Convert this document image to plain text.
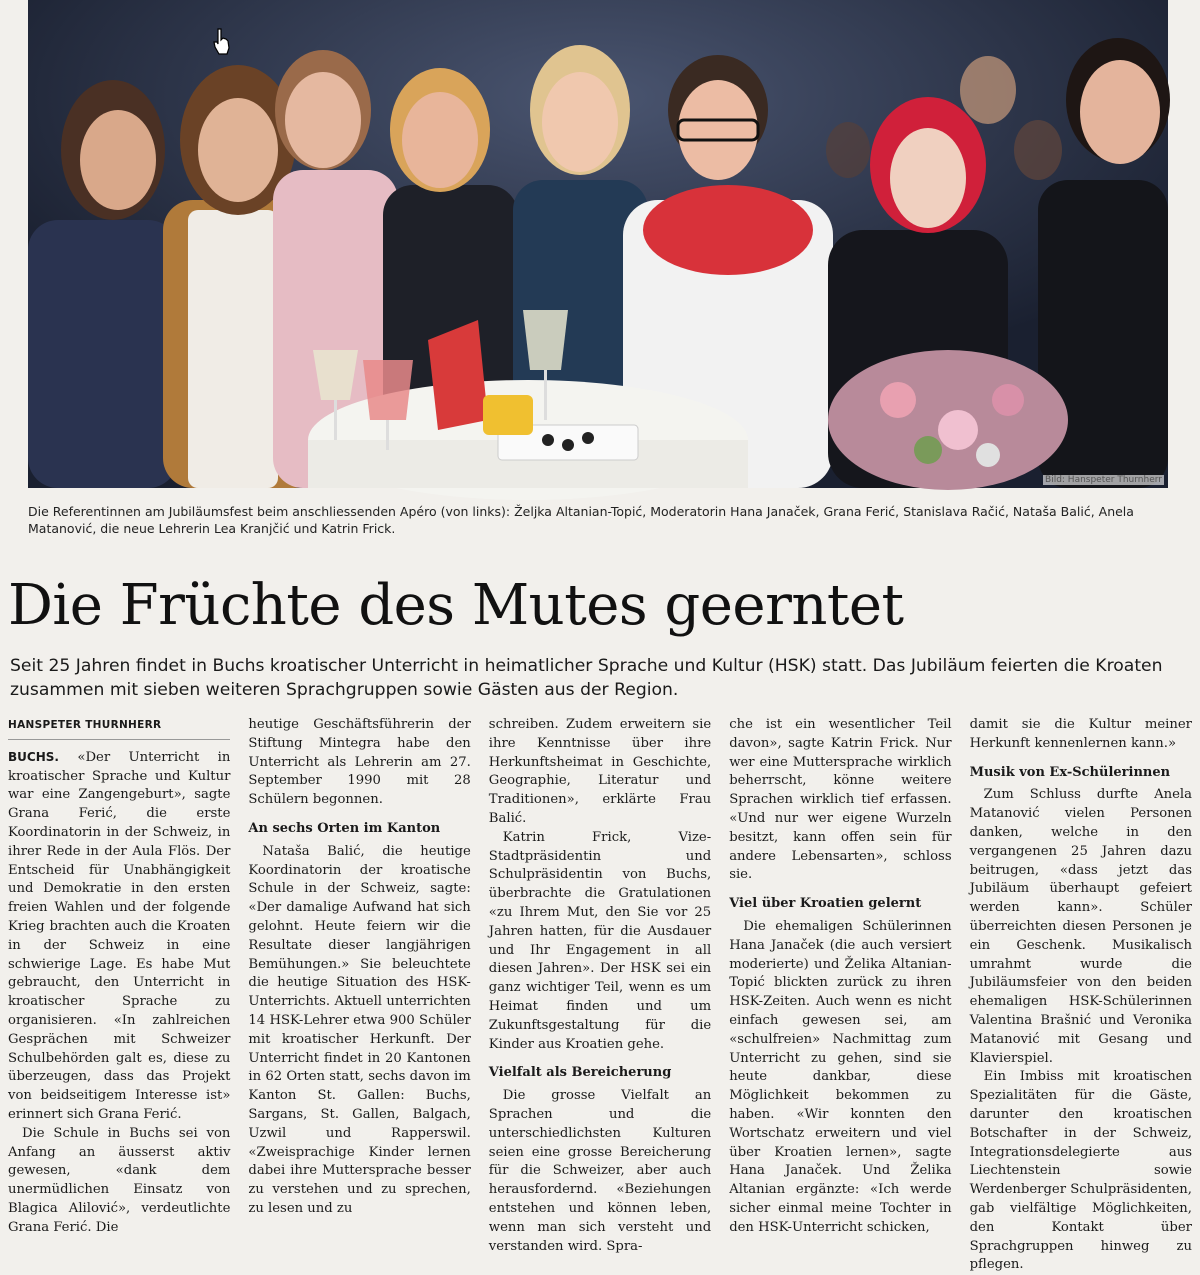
Bild: Hanspeter Thurnherr
Die Referentinnen am Jubiläumsfest beim anschliessenden Apéro (von links): Željka Altanian-Topić, Moderatorin Hana Janaček, Grana Ferić, Stanislava Račić, Nataša Balić, Anela Matanović, die neue Lehrerin Lea Kranjčić und Katrin Frick.
Die Früchte des Mutes geerntet
Seit 25 Jahren findet in Buchs kroatischer Unterricht in heimatlicher Sprache und Kultur (HSK) statt. Das Jubiläum feierten die Kroaten zusammen mit sieben weiteren Sprachgruppen sowie Gästen aus der Region.
HANSPETER THURNHERR

BUCHS. «Der Unterricht in kroatischer Sprache und Kultur war eine Zangengeburt», sagte Grana Ferić, die erste Koordinatorin in der Schweiz, in ihrer Rede in der Aula Flös. Der Entscheid für Unabhängigkeit und Demokratie in den ersten freien Wahlen und der folgende Krieg brachten auch die Kroaten in der Schweiz in eine schwierige Lage. Es habe Mut gebraucht, den Unterricht in kroatischer Sprache zu organisieren. «In zahlreichen Gesprächen mit Schweizer Schulbehörden galt es, diese zu überzeugen, dass das Projekt von beidseitigem Interesse ist» erinnert sich Grana Ferić.

Die Schule in Buchs sei von Anfang an äusserst aktiv gewesen, «dank dem unermüdlichen Einsatz von Blagica Alilović», verdeutlichte Grana Ferić. Die

heutige Geschäftsführerin der Stiftung Mintegra habe den Unterricht als Lehrerin am 27. September 1990 mit 28 Schülern begonnen.

An sechs Orten im Kanton

Nataša Balić, die heutige Koordinatorin der kroatische Schule in der Schweiz, sagte: «Der damalige Aufwand hat sich gelohnt. Heute feiern wir die Resultate dieser langjährigen Bemühungen.» Sie beleuchtete die heutige Situation des HSK-Unterrichts. Aktuell unterrichten 14 HSK-Lehrer etwa 900 Schüler mit kroatischer Herkunft. Der Unterricht findet in 20 Kantonen in 62 Orten statt, sechs davon im Kanton St. Gallen: Buchs, Sargans, St. Gallen, Balgach, Uzwil und Rapperswil. «Zweisprachige Kinder lernen dabei ihre Muttersprache besser zu verstehen und zu sprechen, zu lesen und zu

schreiben. Zudem erweitern sie ihre Kenntnisse über ihre Herkunftsheimat in Geschichte, Geographie, Literatur und Traditionen», erklärte Frau Balić.

Katrin Frick, Vize-Stadtpräsidentin und Schulpräsidentin von Buchs, überbrachte die Gratulationen «zu Ihrem Mut, den Sie vor 25 Jahren hatten, für die Ausdauer und Ihr Engagement in all diesen Jahren». Der HSK sei ein ganz wichtiger Teil, wenn es um Heimat finden und um Zukunftsgestaltung für die Kinder aus Kroatien gehe.

Vielfalt als Bereicherung

Die grosse Vielfalt an Sprachen und die unterschiedlichsten Kulturen seien eine grosse Bereicherung für die Schweizer, aber auch herausfordernd. «Beziehungen entstehen und können leben, wenn man sich versteht und verstanden wird. Spra-

che ist ein wesentlicher Teil davon», sagte Katrin Frick. Nur wer eine Muttersprache wirklich beherrscht, könne weitere Sprachen wirklich tief erfassen. «Und nur wer eigene Wurzeln besitzt, kann offen sein für andere Lebensarten», schloss sie.

Viel über Kroatien gelernt

Die ehemaligen Schülerinnen Hana Janaček (die auch versiert moderierte) und Želika Altanian-Topić blickten zurück zu ihren HSK-Zeiten. Auch wenn es nicht einfach gewesen sei, am «schulfreien» Nachmittag zum Unterricht zu gehen, sind sie heute dankbar, diese Möglichkeit bekommen zu haben. «Wir konnten den Wortschatz erweitern und viel über Kroatien lernen», sagte Hana Janaček. Und Želika Altanian ergänzte: «Ich werde sicher einmal meine Tochter in den HSK-Unterricht schicken,

damit sie die Kultur meiner Herkunft kennenlernen kann.»

Musik von Ex-Schülerinnen

Zum Schluss durfte Anela Matanović vielen Personen danken, welche in den vergangenen 25 Jahren dazu beitrugen, «dass jetzt das Jubiläum überhaupt gefeiert werden kann». Schüler überreichten diesen Personen je ein Geschenk. Musikalisch umrahmt wurde die Jubiläumsfeier von den beiden ehemaligen HSK-Schülerinnen Valentina Brašnić und Veronika Matanović mit Gesang und Klavierspiel.

Ein Imbiss mit kroatischen Spezialitäten für die Gäste, darunter den kroatischen Botschafter in der Schweiz, Integrationsdelegierte aus Liechtenstein sowie Werdenberger Schulpräsidenten, gab vielfältige Möglichkeiten, den Kontakt über Sprachgruppen hinweg zu pflegen.
